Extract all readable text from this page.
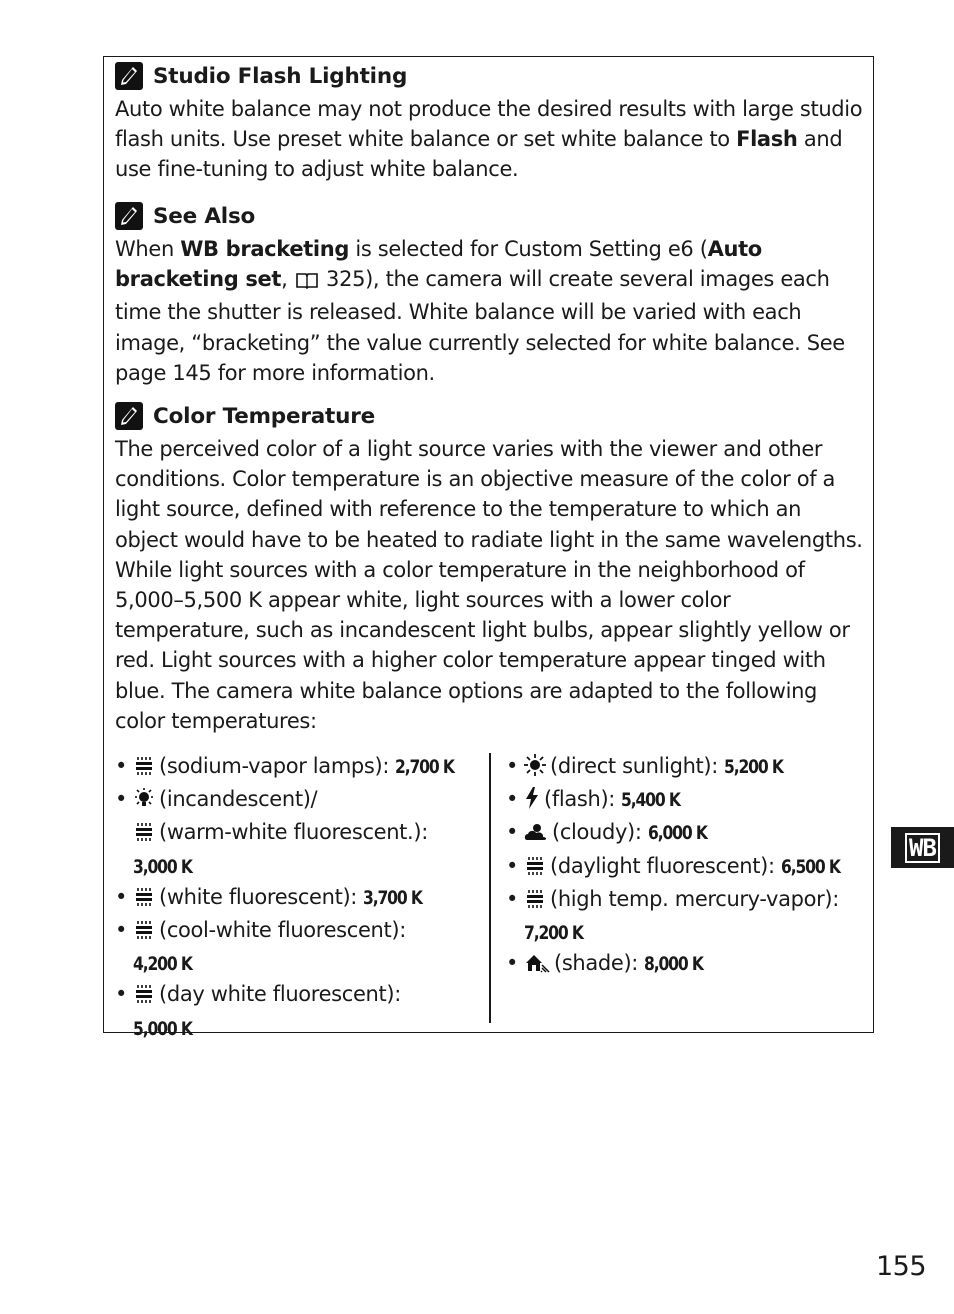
Studio Flash Lighting
Auto white balance may not produce the desired results with large studio flash units. Use preset white balance or set white balance to Flash and use fine-tuning to adjust white balance.
See Also
When WB bracketing is selected for Custom Setting e6 (Auto bracketing set,  325), the camera will create several images each time the shutter is released. White balance will be varied with each image, “bracketing” the value currently selected for white balance. See page 145 for more information.
Color Temperature
The perceived color of a light source varies with the viewer and other conditions. Color temperature is an objective measure of the color of a light source, defined with reference to the temperature to which an object would have to be heated to radiate light in the same wavelengths. While light sources with a color temperature in the neighborhood of 5,000–5,500 K appear white, light sources with a lower color temperature, such as incandescent light bulbs, appear slightly yellow or red. Light sources with a higher color temperature appear tinged with blue. The camera white balance options are adapted to the following color temperatures:
• (sodium-vapor lamps): 2,700 K
• (incandescent)/
(warm-white fluorescent.):
3,000 K
• (white fluorescent): 3,700 K
• (cool-white fluorescent):
4,200 K
• (day white fluorescent):
5,000 K
• (direct sunlight): 5,200 K
• (flash): 5,400 K
• (cloudy): 6,000 K
• (daylight fluorescent): 6,500 K
• (high temp. mercury-vapor):
7,200 K
• (shade): 8,000 K
WB
155
